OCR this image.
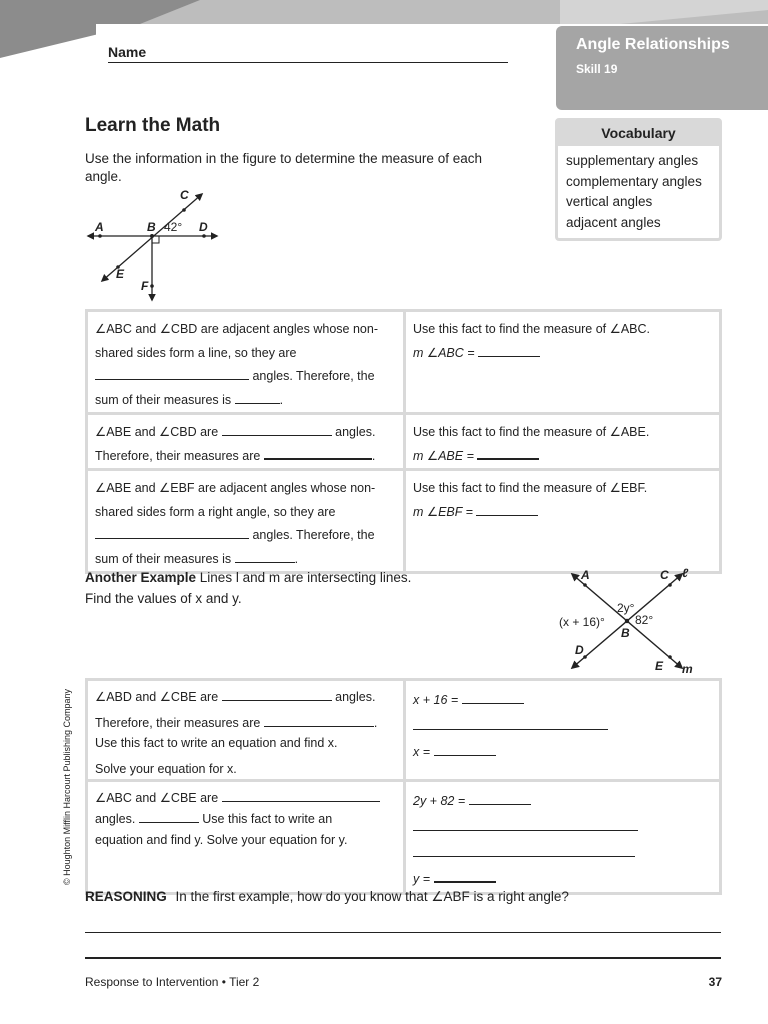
Name	Angle Relationships
Skill 19
Learn the Math
Use the information in the figure to determine the measure of each angle.
Vocabulary
supplementary angles
complementary angles
vertical angles
adjacent angles
A	B
C
D
E
F
42°
∠ABC and ∠CBD are adjacent angles whose non-shared sides form a line, so they are
angles. Therefore, the sum of their measures is .	Use this fact to find the measure of ∠ABC.
m ∠ABC =
∠ABE and ∠CBD are angles.
Therefore, their measures are .	Use this fact to find the measure of ∠ABE.
m ∠ABE =
∠ABE and ∠EBF are adjacent angles whose non-shared sides form a right angle, so they are
angles. Therefore, the sum of their measures is .	Use this fact to find the measure of ∠EBF.
m ∠EBF =
Another Example Lines l and m are intersecting lines.
Find the values of x and y.
A	C ℓ
B
D
E m
2y°
(x + 16)°	82°
∠ABD and ∠CBE are angles.
Therefore, their measures are .
Use this fact to write an equation and find x.
Solve your equation for x.	x + 16 =

x =
∠ABC and ∠CBE are
angles. Use this fact to write an
equation and find y. Solve your equation for y.	2y + 82 =

y =
REASONING In the first example, how do you know that ∠ABF is a right angle?
Response to Intervention • Tier 2	37
© Houghton Mifflin Harcourt Publishing Company
